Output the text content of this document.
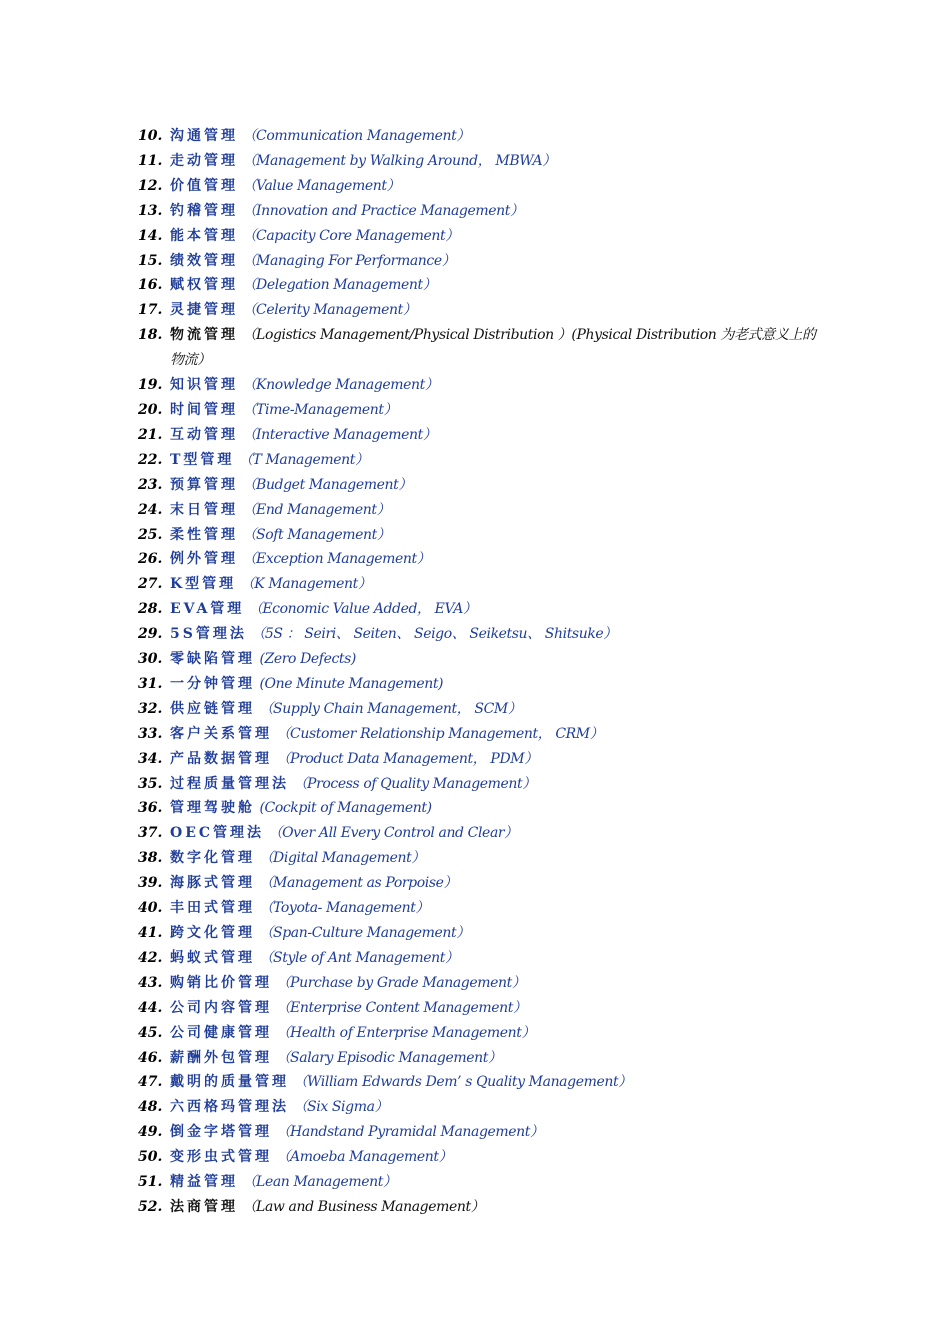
10. 沟通管理 （Communication Management）
11. 走动管理 （Management by Walking Around， MBWA）
12. 价值管理 （Value Management）
13. 钓稽管理 （Innovation and Practice Management）
14. 能本管理 （Capacity Core Management）
15. 绩效管理 （Managing For Performance）
16. 赋权管理 （Delegation Management）
17. 灵捷管理 （Celerity Management）
18. 物流管理 （Logistics Management/Physical Distribution ）(Physical Distribution 为老式意义上的物流）
19. 知识管理 （Knowledge Management）
20. 时间管理 （Time-Management）
21. 互动管理 （Interactive Management）
22. T型管理 （T Management）
23. 预算管理 （Budget Management）
24. 末日管理 （End Management）
25. 柔性管理 （Soft Management）
26. 例外管理 （Exception Management）
27. K型管理 （K Management）
28. EVA管理 （Economic Value Added， EVA）
29. 5S管理法 （5S ： Seiri、 Seiten、 Seigo、 Seiketsu、 Shitsuke）
30. 零缺陷管理 (Zero Defects)
31. 一分钟管理 (One Minute Management)
32. 供应链管理 （Supply Chain Management， SCM）
33. 客户关系管理 （Customer Relationship Management， CRM）
34. 产品数据管理 （Product Data Management， PDM）
35. 过程质量管理法 （Process of Quality Management）
36. 管理驾驶舱 (Cockpit of Management)
37. OEC管理法 （Over All Every Control and Clear）
38. 数字化管理 （Digital Management）
39. 海豚式管理 （Management as Porpoise）
40. 丰田式管理 （Toyota- Management）
41. 跨文化管理 （Span-Culture Management）
42. 蚂蚁式管理 （Style of Ant Management）
43. 购销比价管理 （Purchase by Grade Management）
44. 公司内容管理 （Enterprise Content Management）
45. 公司健康管理 （Health of Enterprise Management）
46. 薪酬外包管理 （Salary Episodic Management）
47. 戴明的质量管理 （William Edwards Dem’ s Quality Management）
48. 六西格玛管理法 （Six Sigma）
49. 倒金字塔管理 （Handstand Pyramidal Management）
50. 变形虫式管理 （Amoeba Management）
51. 精益管理 （Lean Management）
52. 法商管理 （Law and Business Management）
